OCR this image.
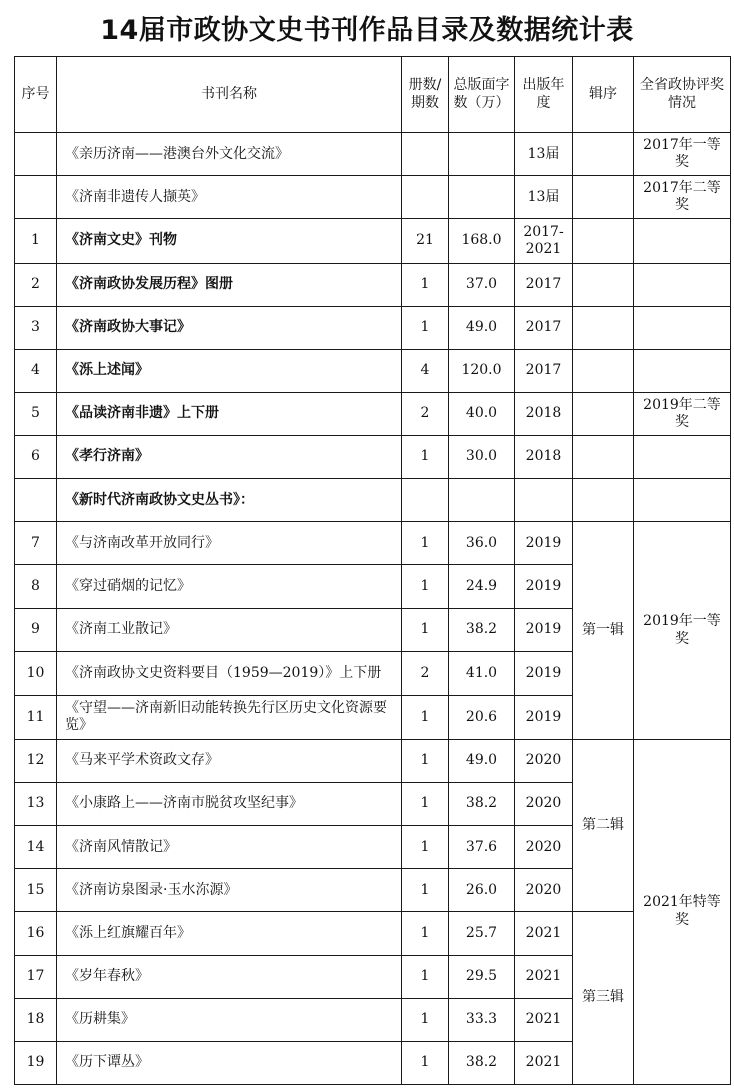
14届市政协文史书刊作品目录及数据统计表
序号	书刊名称	册数/期数	总版面字数（万）	出版年度	辑序	全省政协评奖情况
	《亲历济南——港澳台外文化交流》			13届		2017年一等奖
	《济南非遗传人撷英》			13届		2017年二等奖
1	《济南文史》刊物	21	168.0	2017-2021		
2	《济南政协发展历程》图册	1	37.0	2017		
3	《济南政协大事记》	1	49.0	2017		
4	《泺上述闻》	4	120.0	2017		
5	《品读济南非遗》上下册	2	40.0	2018		2019年二等奖
6	《孝行济南》	1	30.0	2018		
	《新时代济南政协文史丛书》：					
7	《与济南改革开放同行》	1	36.0	2019	第一辑	2019年一等奖
8	《穿过硝烟的记忆》	1	24.9	2019		
9	《济南工业散记》	1	38.2	2019		
10	《济南政协文史资料要目（1959—2019）》上下册	2	41.0	2019		
11	《守望——济南新旧动能转换先行区历史文化资源要览》	1	20.6	2019		
12	《马来平学术资政文存》	1	49.0	2020	第二辑	2021年特等奖
13	《小康路上——济南市脱贫攻坚纪事》	1	38.2	2020		
14	《济南风情散记》	1	37.6	2020		
15	《济南访泉图录·玉水沵源》	1	26.0	2020		
16	《泺上红旗耀百年》	1	25.7	2021	第三辑	
17	《岁年春秋》	1	29.5	2021		
18	《历耕集》	1	33.3	2021		
19	《历下谭丛》	1	38.2	2021		
